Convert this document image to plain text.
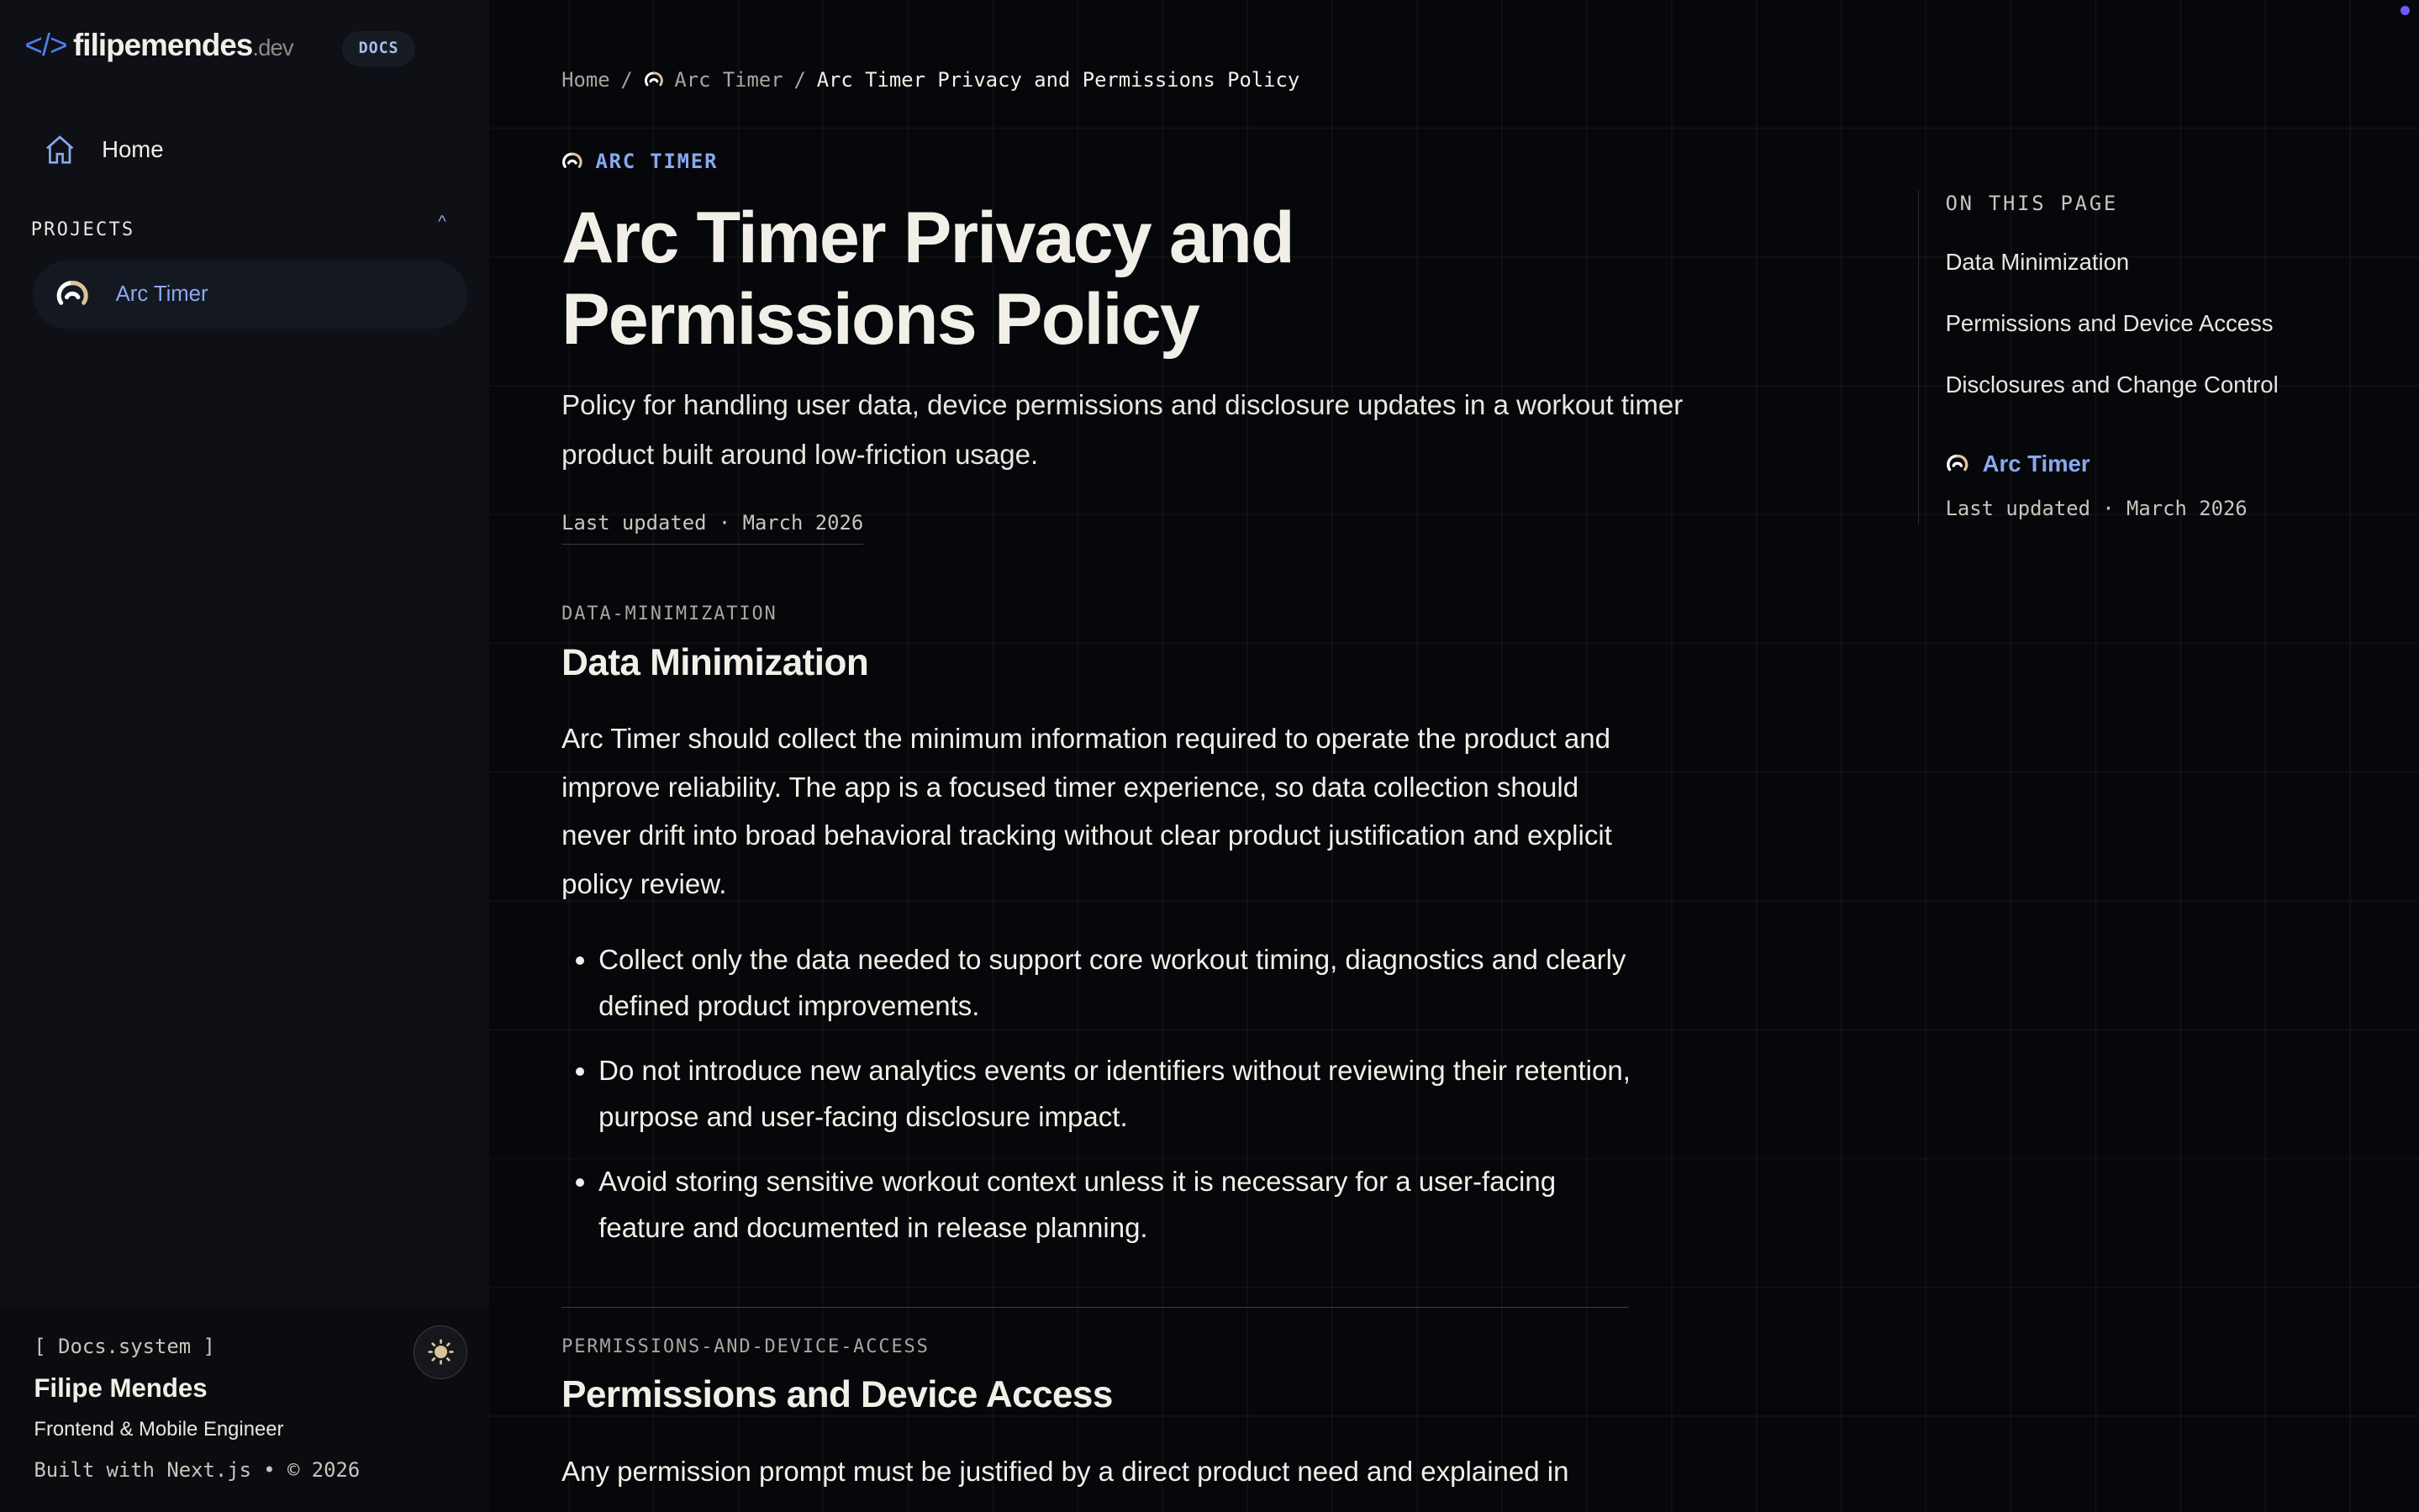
</> filipemendes.dev	DOCS
Home
PROJECTS	^
Arc Timer
[ Docs.system ]
Filipe Mendes
Frontend & Mobile Engineer
Built with Next.js • © 2026
Home /	Arc Timer / Arc Timer Privacy and Permissions Policy
ARC TIMER
Arc Timer Privacy and Permissions Policy

Policy for handling user data, device permissions and disclosure updates in a workout timer product built around low-friction usage.

Last updated · March 2026
DATA-MINIMIZATION
Data Minimization

Arc Timer should collect the minimum information required to operate the product and improve reliability. The app is a focused timer experience, so data collection should never drift into broad behavioral tracking without clear product justification and explicit policy review.

• Collect only the data needed to support core workout timing, diagnostics and clearly defined product improvements.
• Do not introduce new analytics events or identifiers without reviewing their retention, purpose and user-facing disclosure impact.
• Avoid storing sensitive workout context unless it is necessary for a user-facing feature and documented in release planning.
PERMISSIONS-AND-DEVICE-ACCESS
Permissions and Device Access

Any permission prompt must be justified by a direct product need and explained in

ON THIS PAGE
Data Minimization
Permissions and Device Access
Disclosures and Change Control
Arc Timer
Last updated · March 2026
